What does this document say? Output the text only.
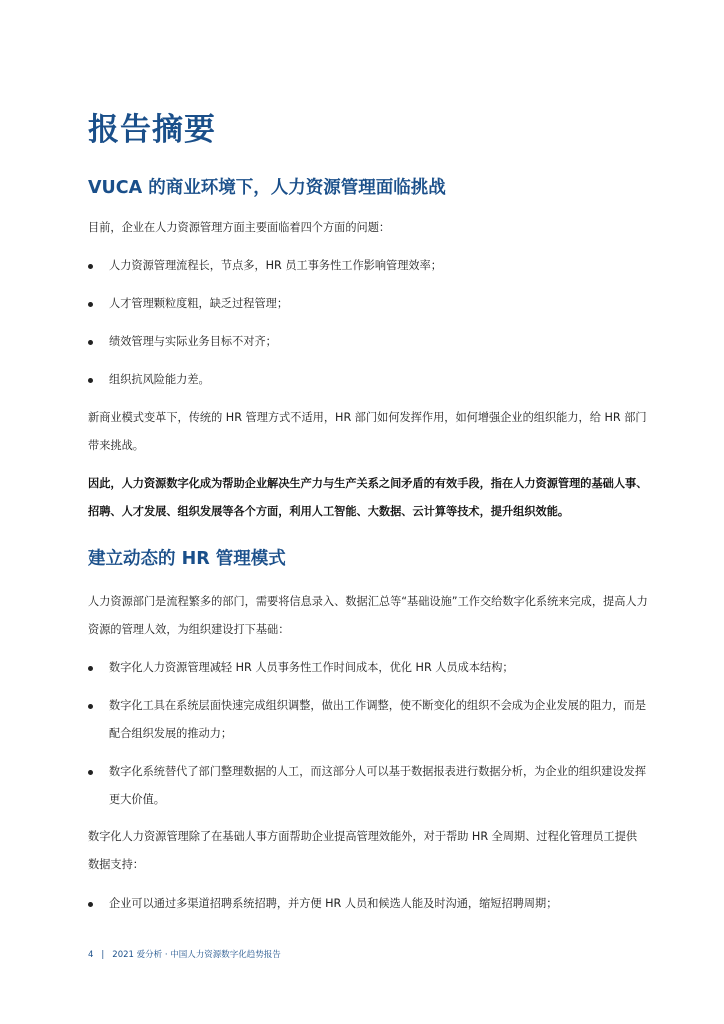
报告摘要
VUCA 的商业环境下，人力资源管理面临挑战
目前，企业在人力资源管理方面主要面临着四个方面的问题：
人力资源管理流程长，节点多，HR 员工事务性工作影响管理效率；
人才管理颗粒度粗，缺乏过程管理；
绩效管理与实际业务目标不对齐；
组织抗风险能力差。
新商业模式变革下，传统的 HR 管理方式不适用，HR 部门如何发挥作用，如何增强企业的组织能力，给 HR 部门带来挑战。
因此，人力资源数字化成为帮助企业解决生产力与生产关系之间矛盾的有效手段，指在人力资源管理的基础人事、招聘、人才发展、组织发展等各个方面，利用人工智能、大数据、云计算等技术，提升组织效能。
建立动态的 HR 管理模式
人力资源部门是流程繁多的部门，需要将信息录入、数据汇总等“基础设施”工作交给数字化系统来完成，提高人力资源的管理人效，为组织建设打下基础：
数字化人力资源管理减轻 HR 人员事务性工作时间成本，优化 HR 人员成本结构；
数字化工具在系统层面快速完成组织调整，做出工作调整，使不断变化的组织不会成为企业发展的阻力，而是配合组织发展的推动力；
数字化系统替代了部门整理数据的人工，而这部分人可以基于数据报表进行数据分析，为企业的组织建设发挥更大价值。
数字化人力资源管理除了在基础人事方面帮助企业提高管理效能外，对于帮助 HR 全周期、过程化管理员工提供数据支持：
企业可以通过多渠道招聘系统招聘，并方便 HR 人员和候选人能及时沟通，缩短招聘周期；
4 | 2021 爱分析 · 中国人力资源数字化趋势报告
